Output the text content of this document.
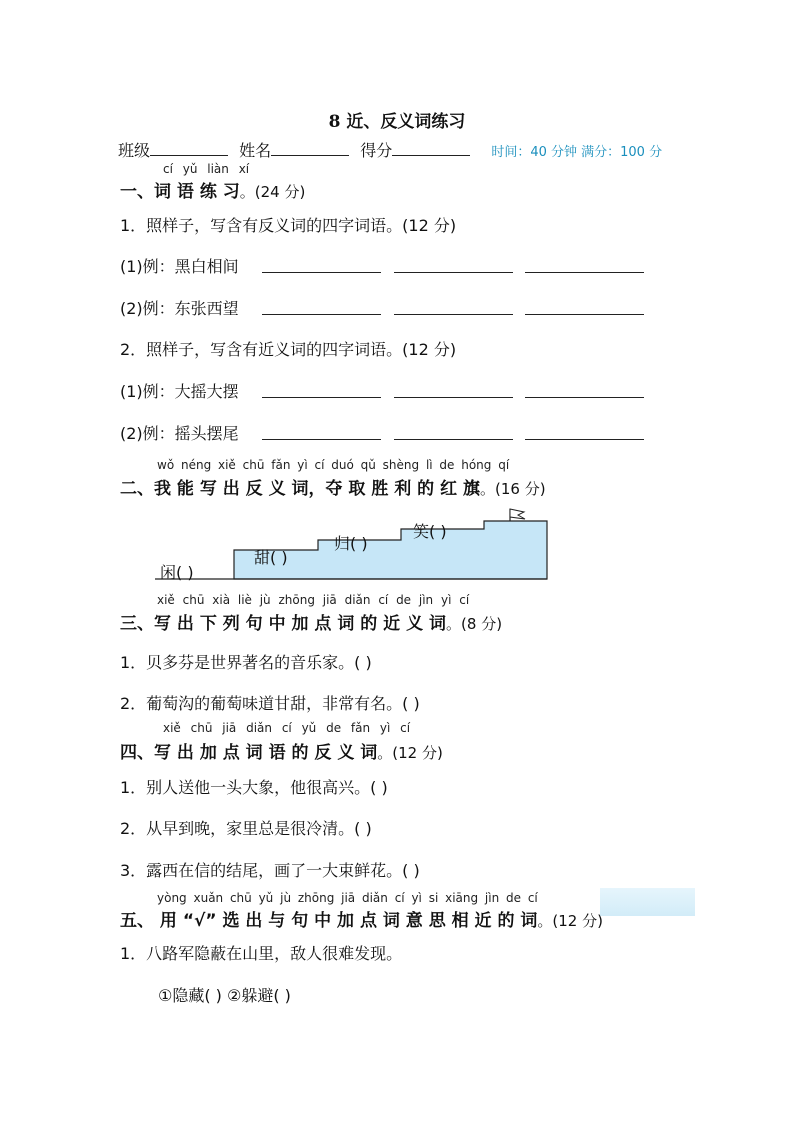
8 近、反义词练习
班级	姓名	得分	时间：40 分钟 满分：100 分
cí yǔ liàn xí
一、词 语 练 习。(24 分)
1．照样子，写含有反义词的四字词语。(12 分)
(1)例：黑白相间
(2)例：东张西望
2．照样子，写含有近义词的四字词语。(12 分)
(1)例：大摇大摆
(2)例：摇头摆尾
wǒ néng xiě chū fǎn yì cí duó qǔ shèng lì de hóng qí
二、我 能 写 出 反 义 词，夺 取 胜 利 的 红 旗。(16 分)
闲( )
甜( )
归( )
笑( )
xiě chū xià liè jù zhōng jiā diǎn cí de jìn yì cí
三、写 出 下 列 句 中 加 点 词 的 近 义 词。(8 分)
1．贝多芬是世界著名的音乐家。( )
2．葡萄沟的葡萄味道甘甜，非常有名。( )
xiě chū jiā diǎn cí yǔ de fǎn yì cí
四、写 出 加 点 词 语 的 反 义 词。(12 分)
1．别人送他一头大象，他很高兴。( )
2．从早到晚，家里总是很冷清。( )
3．露西在信的结尾，画了一大束鲜花。( )
yòng xuǎn chū yǔ jù zhōng jiā diǎn cí yì si xiāng jìn de cí
五、 用 “√” 选 出 与 句 中 加 点 词 意 思 相 近 的 词。(12 分)
1．八路军隐蔽在山里，敌人很难发现。
①隐藏( ) ②躲避( )
